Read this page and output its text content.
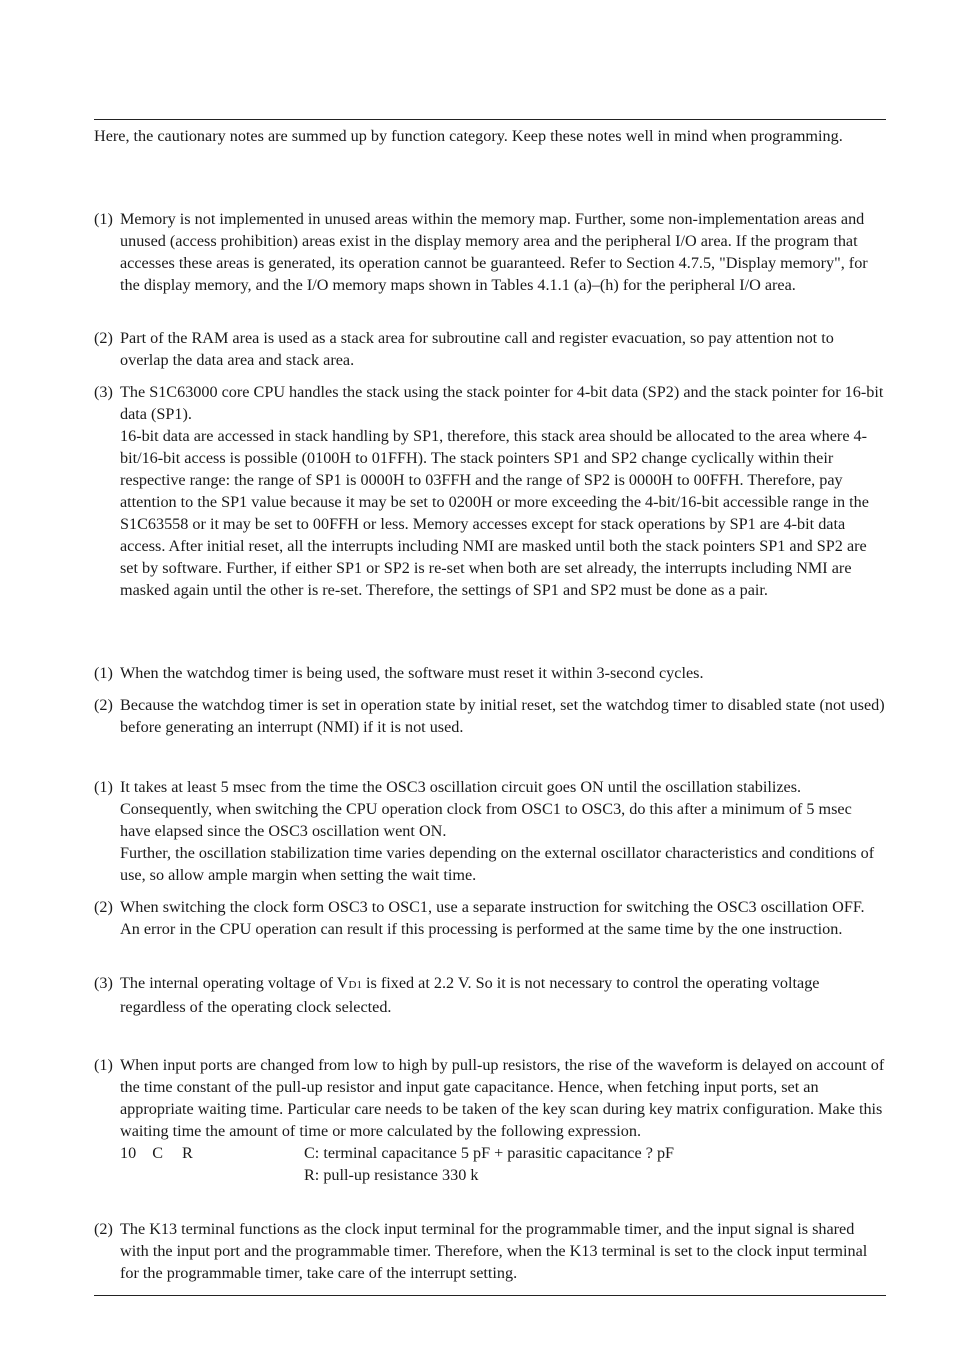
Here, the cautionary notes are summed up by function category. Keep these notes well in mind when programming.

(1) Memory is not implemented in unused areas within the memory map. Further, some non-implementation areas and unused (access prohibition) areas exist in the display memory area and the peripheral I/O area. If the program that accesses these areas is generated, its operation cannot be guaranteed. Refer to Section 4.7.5, "Display memory", for the display memory, and the I/O memory maps shown in Tables 4.1.1 (a)–(h) for the peripheral I/O area.

(2) Part of the RAM area is used as a stack area for subroutine call and register evacuation, so pay attention not to overlap the data area and stack area.

(3) The S1C63000 core CPU handles the stack using the stack pointer for 4-bit data (SP2) and the stack pointer for 16-bit data (SP1).

16-bit data are accessed in stack handling by SP1, therefore, this stack area should be allocated to the area where 4-bit/16-bit access is possible (0100H to 01FFH). The stack pointers SP1 and SP2 change cyclically within their respective range: the range of SP1 is 0000H to 03FFH and the range of SP2 is 0000H to 00FFH. Therefore, pay attention to the SP1 value because it may be set to 0200H or more exceeding the 4-bit/16-bit accessible range in the S1C63558 or it may be set to 00FFH or less. Memory accesses except for stack operations by SP1 are 4-bit data access. After initial reset, all the interrupts including NMI are masked until both the stack pointers SP1 and SP2 are set by software. Further, if either SP1 or SP2 is re-set when both are set already, the interrupts including NMI are masked again until the other is re-set. Therefore, the settings of SP1 and SP2 must be done as a pair.

(1) When the watchdog timer is being used, the software must reset it within 3-second cycles.

(2) Because the watchdog timer is set in operation state by initial reset, set the watchdog timer to disabled state (not used) before generating an interrupt (NMI) if it is not used.

(1) It takes at least 5 msec from the time the OSC3 oscillation circuit goes ON until the oscillation stabilizes. Consequently, when switching the CPU operation clock from OSC1 to OSC3, do this after a minimum of 5 msec have elapsed since the OSC3 oscillation went ON.

Further, the oscillation stabilization time varies depending on the external oscillator characteristics and conditions of use, so allow ample margin when setting the wait time.

(2) When switching the clock form OSC3 to OSC1, use a separate instruction for switching the OSC3 oscillation OFF. An error in the CPU operation can result if this processing is performed at the same time by the one instruction.

(3) The internal operating voltage of VD1 is fixed at 2.2 V. So it is not necessary to control the operating voltage regardless of the operating clock selected.

(1) When input ports are changed from low to high by pull-up resistors, the rise of the waveform is delayed on account of the time constant of the pull-up resistor and input gate capacitance. Hence, when fetching input ports, set an appropriate waiting time. Particular care needs to be taken of the key scan during key matrix configuration. Make this waiting time the amount of time or more calculated by the following expression.

10 C R	C: terminal capacitance 5 pF + parasitic capacitance ? pF
R: pull-up resistance 330 k
(2) The K13 terminal functions as the clock input terminal for the programmable timer, and the input signal is shared with the input port and the programmable timer. Therefore, when the K13 terminal is set to the clock input terminal for the programmable timer, take care of the interrupt setting.
